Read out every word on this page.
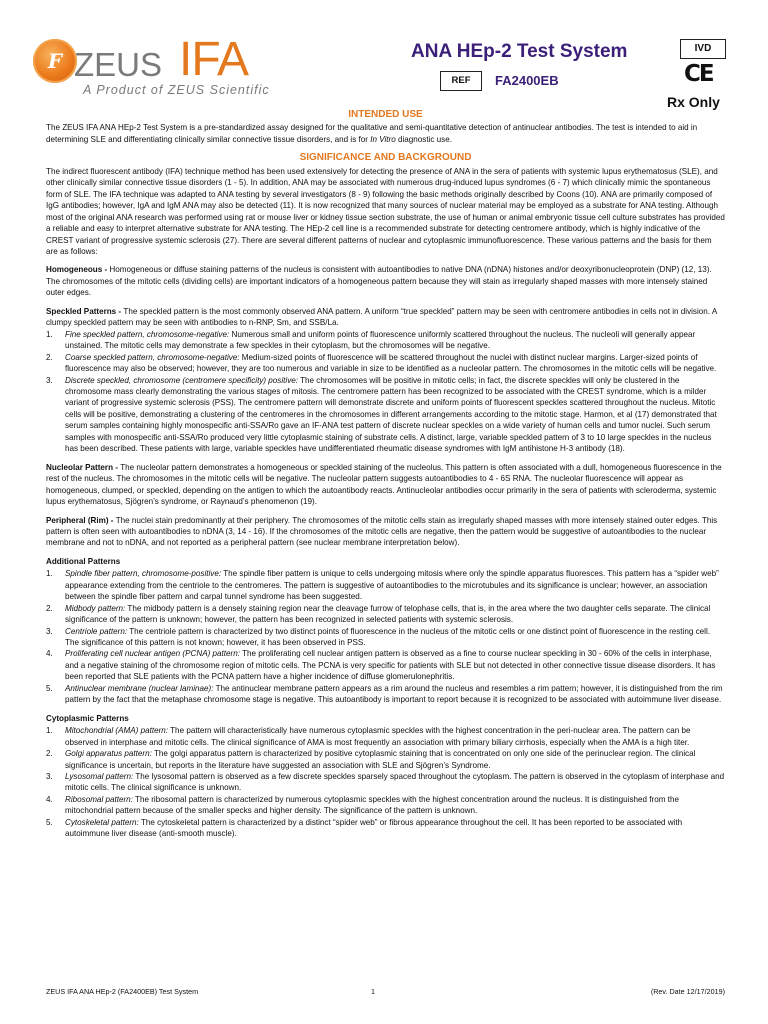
F ZEUS IFA
A Product of ZEUS Scientific
ANA HEp-2 Test System	IVD
CE
REF	FA2400EB
Rx Only
INTENDED USE

The ZEUS IFA ANA HEp-2 Test System is a pre-standardized assay designed for the qualitative and semi-quantitative detection of antinuclear antibodies. The test is intended to aid in determining SLE and differentiating clinically similar connective tissue disorders, and is for In Vitro diagnostic use.

SIGNIFICANCE AND BACKGROUND

The indirect fluorescent antibody (IFA) technique method has been used extensively for detecting the presence of ANA in the sera of patients with systemic lupus erythematosus (SLE), and other clinically similar connective tissue disorders (1 - 5). In addition, ANA may be associated with numerous drug-induced lupus syndromes (6 - 7) which clinically mimic the spontaneous form of SLE. The IFA technique was adapted to ANA testing by several investigators (8 - 9) following the basic methods originally described by Coons (10). ANA are primarily composed of IgG antibodies; however, IgA and IgM ANA may also be detected (11). It is now recognized that many sources of nuclear material may be employed as a substrate for ANA testing. Although most of the original ANA research was performed using rat or mouse liver or kidney tissue section substrate, the use of human or animal embryonic tissue cell culture substrates has provided a reliable and easy to interpret alternative substrate for ANA testing. The HEp-2 cell line is a recommended substrate for detecting centromere antibody, which is highly indicative of the CREST variant of progressive systemic sclerosis (27). There are several different patterns of nuclear and cytoplasmic immunofluorescence. These various patterns and the basis for them are as follows:

Homogeneous - Homogeneous or diffuse staining patterns of the nucleus is consistent with autoantibodies to native DNA (nDNA) histones and/or deoxyribonucleoprotein (DNP) (12, 13). The chromosomes of the mitotic cells (dividing cells) are important indicators of a homogeneous pattern because they will stain as irregularly shaped masses with more intensely stained outer edges.

Speckled Patterns - The speckled pattern is the most commonly observed ANA pattern. A uniform “true speckled” pattern may be seen with centromere antibodies in cells not in division. A clumpy speckled pattern may be seen with antibodies to n-RNP, Sm, and SSB/La.
1. Fine speckled pattern, chromosome-negative: Numerous small and uniform points of fluorescence uniformly scattered throughout the nucleus. The nucleoli will generally appear unstained. The mitotic cells may demonstrate a few speckles in their cytoplasm, but the chromosomes will be negative.
2. Coarse speckled pattern, chromosome-negative: Medium-sized points of fluorescence will be scattered throughout the nuclei with distinct nuclear margins. Larger-sized points of fluorescence may also be observed; however, they are too numerous and variable in size to be identified as a nucleolar pattern. The chromosomes in the mitotic cells will be negative.
3. Discrete speckled, chromosome (centromere specificity) positive: The chromosomes will be positive in mitotic cells; in fact, the discrete speckles will only be clustered in the chromosome mass clearly demonstrating the various stages of mitosis. The centromere pattern has been recognized to be associated with the CREST syndrome, which is a milder variant of progressive systemic sclerosis (PSS). The centromere pattern will demonstrate discrete and uniform points of fluorescent speckles scattered throughout the nucleus. Mitotic cells will be positive, demonstrating a clustering of the centromeres in the chromosomes in different arrangements according to the mitotic stage. Harmon, et al (17) demonstrated that serum samples containing highly monospecific anti-SSA/Ro gave an IF-ANA test pattern of discrete nuclear speckles on a wide variety of human cells and tumor nuclei. Such serum samples with monospecific anti-SSA/Ro produced very little cytoplasmic staining of substrate cells. A distinct, large, variable speckled pattern of 3 to 10 large speckles in the nucleus has been described. These patients with large, variable speckles have undifferentiated rheumatic disease syndromes with IgM antihistone H-3 antibody (18).

Nucleolar Pattern - The nucleolar pattern demonstrates a homogeneous or speckled staining of the nucleolus. This pattern is often associated with a dull, homogeneous fluorescence in the rest of the nucleus. The chromosomes in the mitotic cells will be negative. The nucleolar pattern suggests autoantibodies to 4 - 6S RNA. The nucleolar fluorescence will appear as homogeneous, clumped, or speckled, depending on the antigen to which the autoantibody reacts. Antinucleolar antibodies occur primarily in the sera of patients with scleroderma, systemic lupus erythematosus, Sjögren’s syndrome, or Raynaud’s phenomenon (19).

Peripheral (Rim) - The nuclei stain predominantly at their periphery. The chromosomes of the mitotic cells stain as irregularly shaped masses with more intensely stained outer edges. This pattern is often seen with autoantibodies to nDNA (3, 14 - 16). If the chromosomes of the mitotic cells are negative, then the pattern would be suggestive of autoantibodies to the nuclear membrane and not to nDNA, and not reported as a peripheral pattern (see nuclear membrane interpretation below).

Additional Patterns
1. Spindle fiber pattern, chromosome-positive: The spindle fiber pattern is unique to cells undergoing mitosis where only the spindle apparatus fluoresces. This pattern has a “spider web” appearance extending from the centriole to the centromeres. The pattern is suggestive of autoantibodies to the microtubules and its significance is unclear; however, an association between the spindle fiber pattern and carpal tunnel syndrome has been suggested.
2. Midbody pattern: The midbody pattern is a densely staining region near the cleavage furrow of telophase cells, that is, in the area where the two daughter cells separate. The clinical significance of the pattern is unknown; however, the pattern has been recognized in selected patients with systemic sclerosis.
3. Centriole pattern: The centriole pattern is characterized by two distinct points of fluorescence in the nucleus of the mitotic cells or one distinct point of fluorescence in the resting cell. The significance of this pattern is not known; however, it has been observed in PSS.
4. Proliferating cell nuclear antigen (PCNA) pattern: The proliferating cell nuclear antigen pattern is observed as a fine to course nuclear speckling in 30 - 60% of the cells in interphase, and a negative staining of the chromosome region of mitotic cells. The PCNA is very specific for patients with SLE but not detected in other connective tissue disease disorders. It has been reported that SLE patients with the PCNA pattern have a higher incidence of diffuse glomerulonephritis.
5. Antinuclear membrane (nuclear laminae): The antinuclear membrane pattern appears as a rim around the nucleus and resembles a rim pattern; however, it is distinguished from the rim pattern by the fact that the metaphase chromosome stage is negative. This autoantibody is important to report because it is recognized to be associated with autoimmune liver disease.
Cytoplasmic Patterns
1. Mitochondrial (AMA) pattern: The pattern will characteristically have numerous cytoplasmic speckles with the highest concentration in the peri-nuclear area. The pattern can be observed in interphase and mitotic cells. The clinical significance of AMA is most frequently an association with primary biliary cirrhosis, especially when the AMA is a high titer.
2. Golgi apparatus pattern: The golgi apparatus pattern is characterized by positive cytoplasmic staining that is concentrated on only one side of the perinuclear region. The clinical significance is uncertain, but reports in the literature have suggested an association with SLE and Sjögren’s Syndrome.
3. Lysosomal pattern: The lysosomal pattern is observed as a few discrete speckles sparsely spaced throughout the cytoplasm. The pattern is observed in the cytoplasm of interphase and mitotic cells. The clinical significance is unknown.
4. Ribosomal pattern: The ribosomal pattern is characterized by numerous cytoplasmic speckles with the highest concentration around the nucleus. It is distinguished from the mitochondrial pattern because of the smaller specks and higher density. The significance of the pattern is unknown.
5. Cytoskeletal pattern: The cytoskeletal pattern is characterized by a distinct “spider web” or fibrous appearance throughout the cell. It has been reported to be associated with autoimmune liver disease (anti-smooth muscle).
ZEUS IFA ANA HEp-2 (FA2400EB) Test System	1	(Rev. Date 12/17/2019)
